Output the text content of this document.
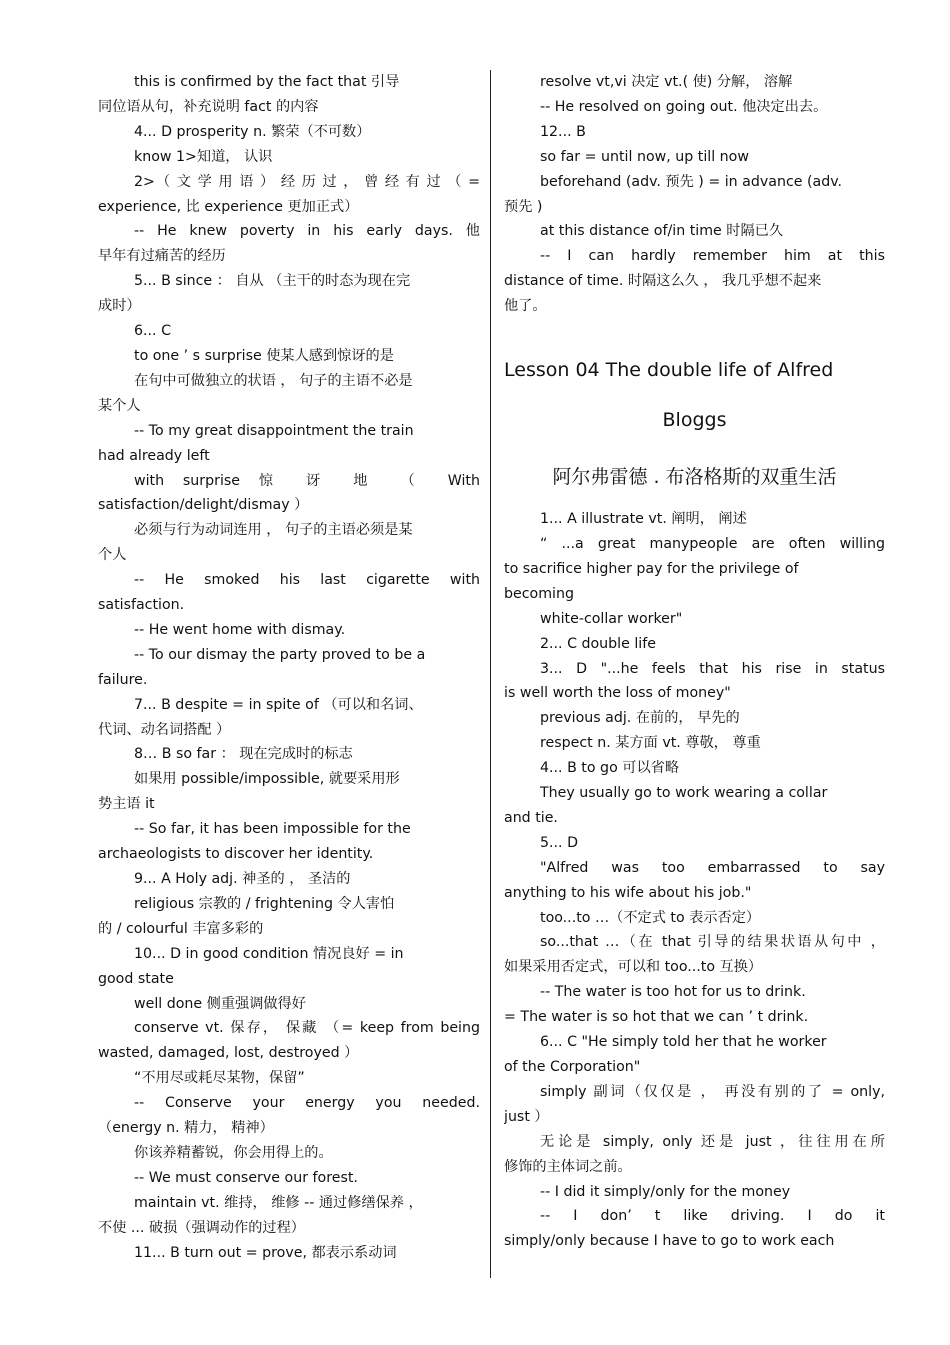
this is confirmed by the fact that 引导
同位语从句，补充说明 fact 的内容
4... D prosperity n. 繁荣（不可数）
know 1>知道， 认识
2>（ 文 学 用 语 ） 经 历 过 ， 曾 经 有 过 （ =
experience, 比 experience 更加正式）
-- He knew poverty in his early days. 他
早年有过痛苦的经历
5... B since ： 自从 （主干的时态为现在完
成时）
6... C
to one ’ s surprise 使某人感到惊讶的是
在句中可做独立的状语 ， 句子的主语不必是
某个人
-- To my great disappointment the train
had already left
with surprise 惊 讶 地 （ With
satisfaction/delight/dismay ）
必须与行为动词连用 ， 句子的主语必须是某
个人
-- He smoked his last cigarette with
satisfaction.
-- He went home with dismay.
-- To our dismay the party proved to be a
failure.
7... B despite = in spite of （可以和名词、
代词、动名词搭配 ）
8… B so far ： 现在完成时的标志
如果用 possible/impossible, 就要采用形
势主语 it
-- So far, it has been impossible for the
archaeologists to discover her identity.
9... A Holy adj. 神圣的 ， 圣洁的
religious 宗教的 / frightening 令人害怕
的 / colourful 丰富多彩的
10... D in good condition 情况良好 = in
good state
well done 侧重强调做得好
conserve vt. 保存， 保藏 （= keep from being
wasted, damaged, lost, destroyed ）
“不用尽或耗尽某物，保留”
-- Conserve your energy you needed.
（energy n. 精力， 精神）
你该养精蓄锐，你会用得上的。
-- We must conserve our forest.
maintain vt. 维持， 维修 -- 通过修缮保养 ，
不使 ... 破损（强调动作的过程）
11... B turn out = prove, 都表示系动词
resolve vt,vi 决定 vt.( 使) 分解， 溶解
-- He resolved on going out. 他决定出去。
12... B
so far = until now, up till now
beforehand (adv. 预先 ) = in advance (adv.
预先 )
at this distance of/in time 时隔已久
-- I can hardly remember him at this
distance of time. 时隔这么久 ， 我几乎想不起来
他了。
Lesson 04 The double life of Alfred
Bloggs
阿尔弗雷德 . 布洛格斯的双重生活
1... A illustrate vt. 阐明， 阐述
“ ...a great manypeople are often willing
to sacrifice higher pay for the privilege of
becoming
white-collar worker"
2... C double life
3... D "...he feels that his rise in status
is well worth the loss of money"
previous adj. 在前的， 早先的
respect n. 某方面 vt. 尊敬， 尊重
4... B to go 可以省略
They usually go to work wearing a collar
and tie.
5... D
"Alfred was too embarrassed to say
anything to his wife about his job."
too...to …（不定式 to 表示否定）
so...that …（在 that 引导的结果状语从句中 ，
如果采用否定式，可以和 too...to 互换）
-- The water is too hot for us to drink.
= The water is so hot that we can ’ t drink.
6... C "He simply told her that he worker
of the Corporation"
simply 副词（仅仅是 ， 再没有别的了 = only,
just ）
无论是 simply, only 还是 just ，往往用在所
修饰的主体词之前。
-- I did it simply/only for the money
-- I don’ t like driving. I do it
simply/only because I have to go to work each
